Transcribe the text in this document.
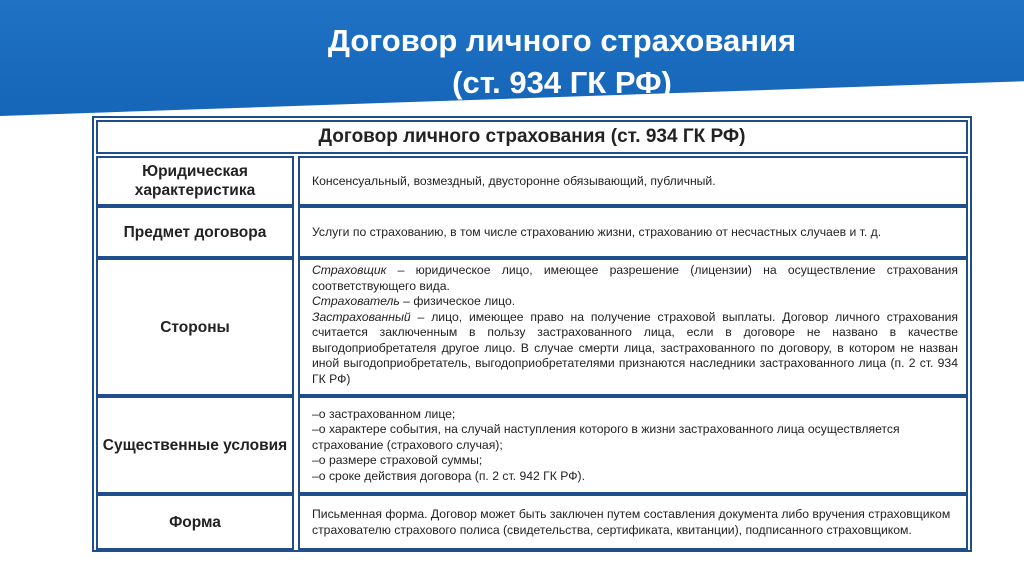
Договор личного страхования
(ст. 934 ГК РФ)
Договор личного страхования (ст. 934 ГК РФ)
Юридическая характеристика

Консенсуальный, возмездный, двусторонне обязывающий, публичный.

Предмет договора	Услуги по страхованию, в том числе страхованию жизни, страхованию от несчастных случаев и т. д.

Стороны

Страховщик – юридическое лицо, имеющее разрешение (лицензии) на осуществление страхования соответствующего вида.

Страхователь – физическое лицо.

Застрахованный – лицо, имеющее право на получение страховой выплаты. Договор личного страхования считается заключенным в пользу застрахованного лица, если в договоре не названо в качестве выгодоприобретателя другое лицо. В случае смерти лица, застрахованного по договору, в котором не назван иной выгодоприобретатель, выгодоприобретателями признаются наследники застрахованного лица (п. 2 ст. 934 ГК РФ)

Существенные условия

–о застрахованном лице;

–о характере события, на случай наступления которого в жизни застрахованного лица осуществляется страхование (страхового случая);

–о размере страховой суммы;

–о сроке действия договора (п. 2 ст. 942 ГК РФ).

Форма	Письменная форма. Договор может быть заключен путем составления документа либо вручения страховщиком страхователю страхового полиса (свидетельства, сертификата, квитанции), подписанного страховщиком.
